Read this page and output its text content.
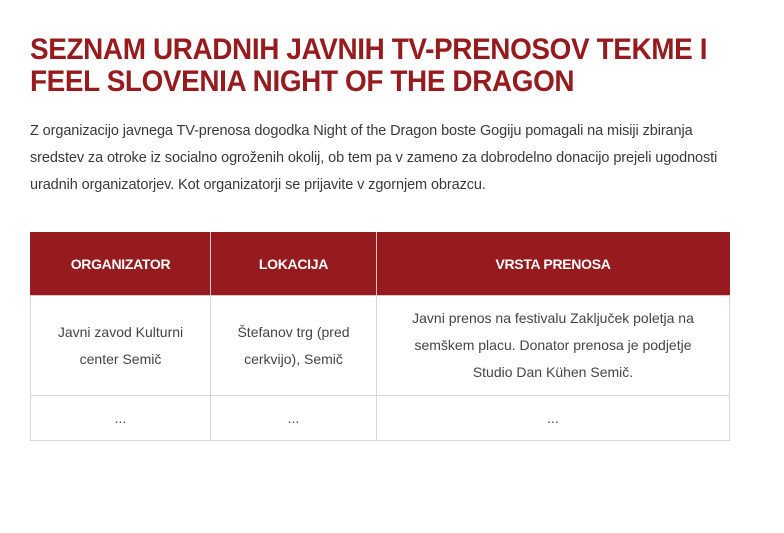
SEZNAM URADNIH JAVNIH TV-PRENOSOV TEKME I FEEL SLOVENIA NIGHT OF THE DRAGON

Z organizacijo javnega TV-prenosa dogodka Night of the Dragon boste Gogiju pomagali na misiji zbiranja sredstev za otroke iz socialno ogroženih okolij, ob tem pa v zameno za dobrodelno donacijo prejeli ugodnosti uradnih organizatorjev. Kot organizatorji se prijavite v zgornjem obrazcu.

ORGANIZATOR	LOKACIJA	VRSTA PRENOSA
Javni zavod Kulturni center Semič	Štefanov trg (pred cerkvijo), Semič	Javni prenos na festivalu Zaključek poletja na semškem placu. Donator prenosa je podjetje Studio Dan Kühen Semič.
...	...	...
